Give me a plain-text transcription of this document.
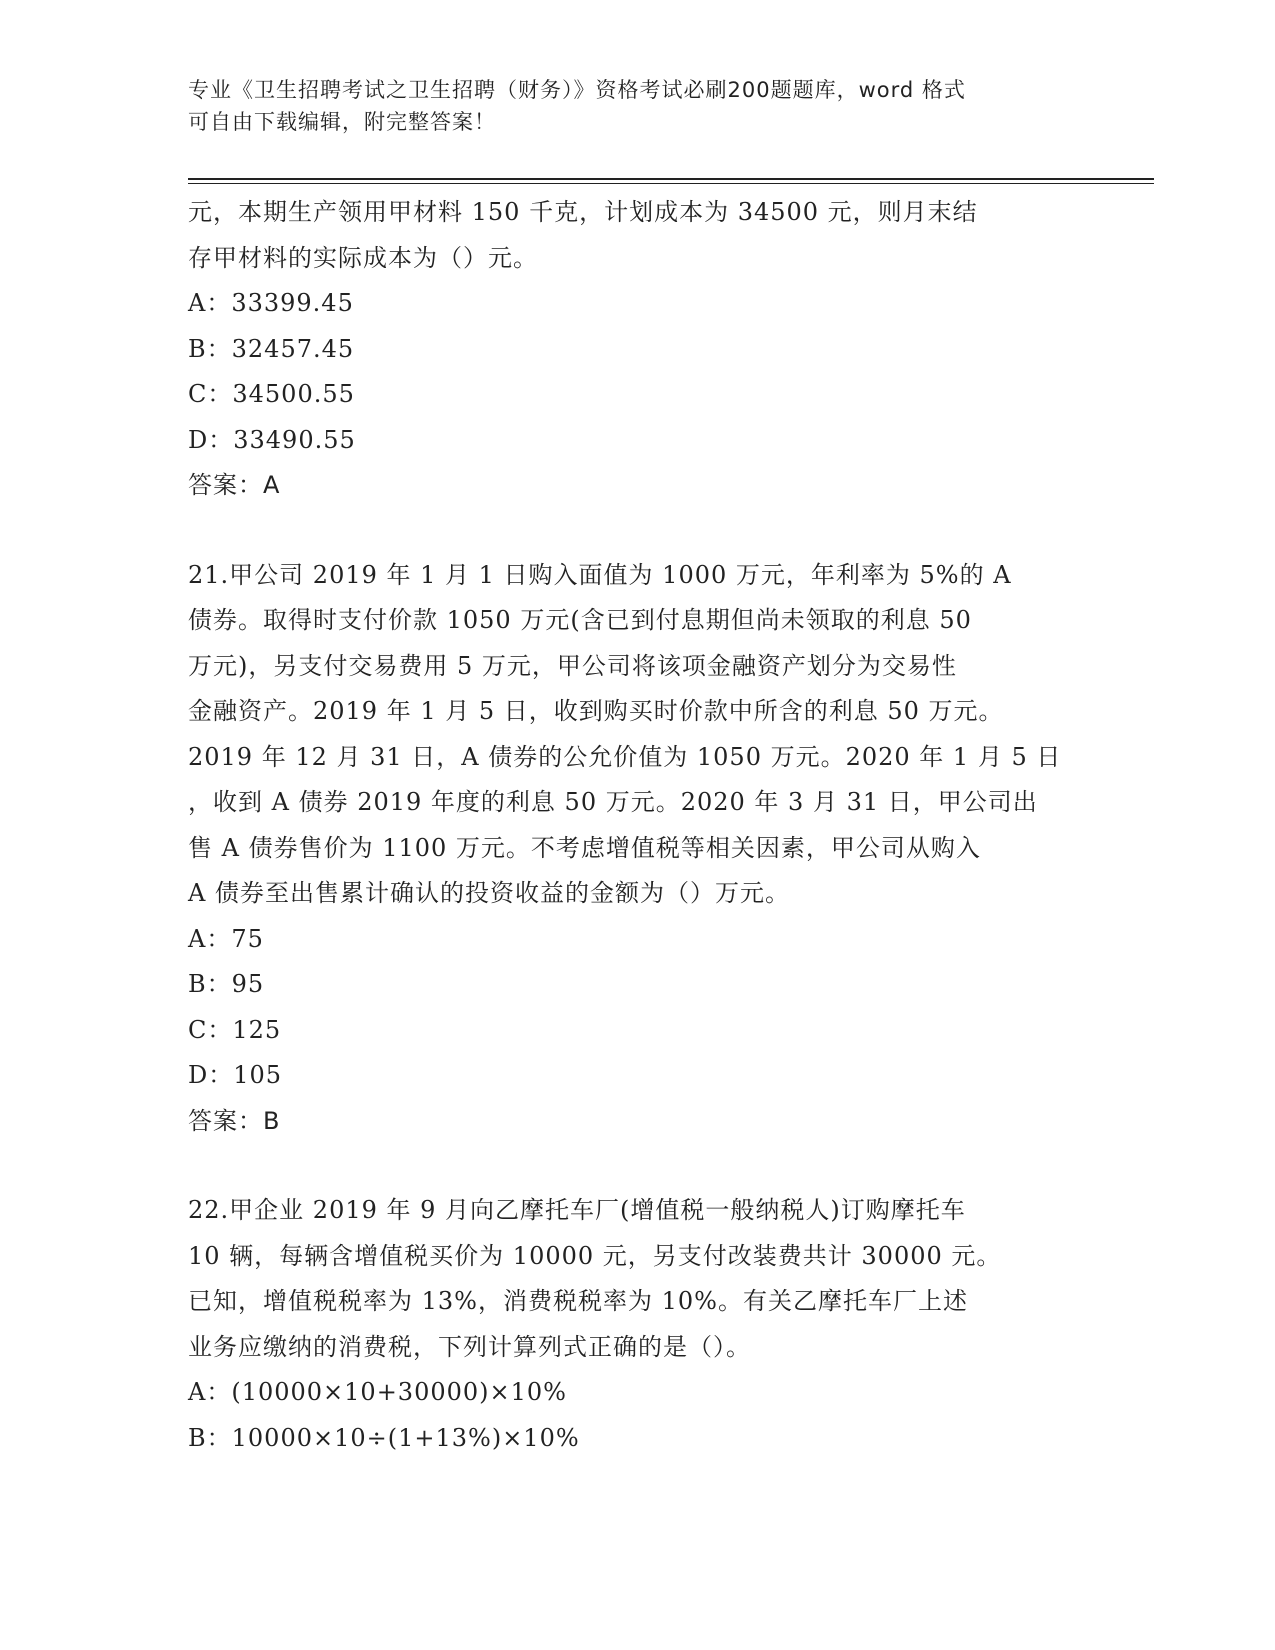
专业《卫生招聘考试之卫生招聘（财务）》资格考试必刷200题题库，word 格式
可自由下载编辑，附完整答案！
元，本期生产领用甲材料 150 千克，计划成本为 34500 元，则月末结
存甲材料的实际成本为（）元。
A：33399.45
B：32457.45
C：34500.55
D：33490.55
答案：A
21.甲公司 2019 年 1 月 1 日购入面值为 1000 万元，年利率为 5%的 A
债券。取得时支付价款 1050 万元(含已到付息期但尚未领取的利息 50
万元)，另支付交易费用 5 万元，甲公司将该项金融资产划分为交易性
金融资产。2019 年 1 月 5 日，收到购买时价款中所含的利息 50 万元。
2019 年 12 月 31 日，A 债券的公允价值为 1050 万元。2020 年 1 月 5 日
，收到 A 债券 2019 年度的利息 50 万元。2020 年 3 月 31 日，甲公司出
售 A 债券售价为 1100 万元。不考虑增值税等相关因素，甲公司从购入
A 债券至出售累计确认的投资收益的金额为（）万元。
A：75
B：95
C：125
D：105
答案：B
22.甲企业 2019 年 9 月向乙摩托车厂(增值税一般纳税人)订购摩托车
10 辆，每辆含增值税买价为 10000 元，另支付改装费共计 30000 元。
已知，增值税税率为 13%，消费税税率为 10%。有关乙摩托车厂上述
业务应缴纳的消费税，下列计算列式正确的是（）。
A：(10000×10+30000)×10%
B：10000×10÷(1+13%)×10%
